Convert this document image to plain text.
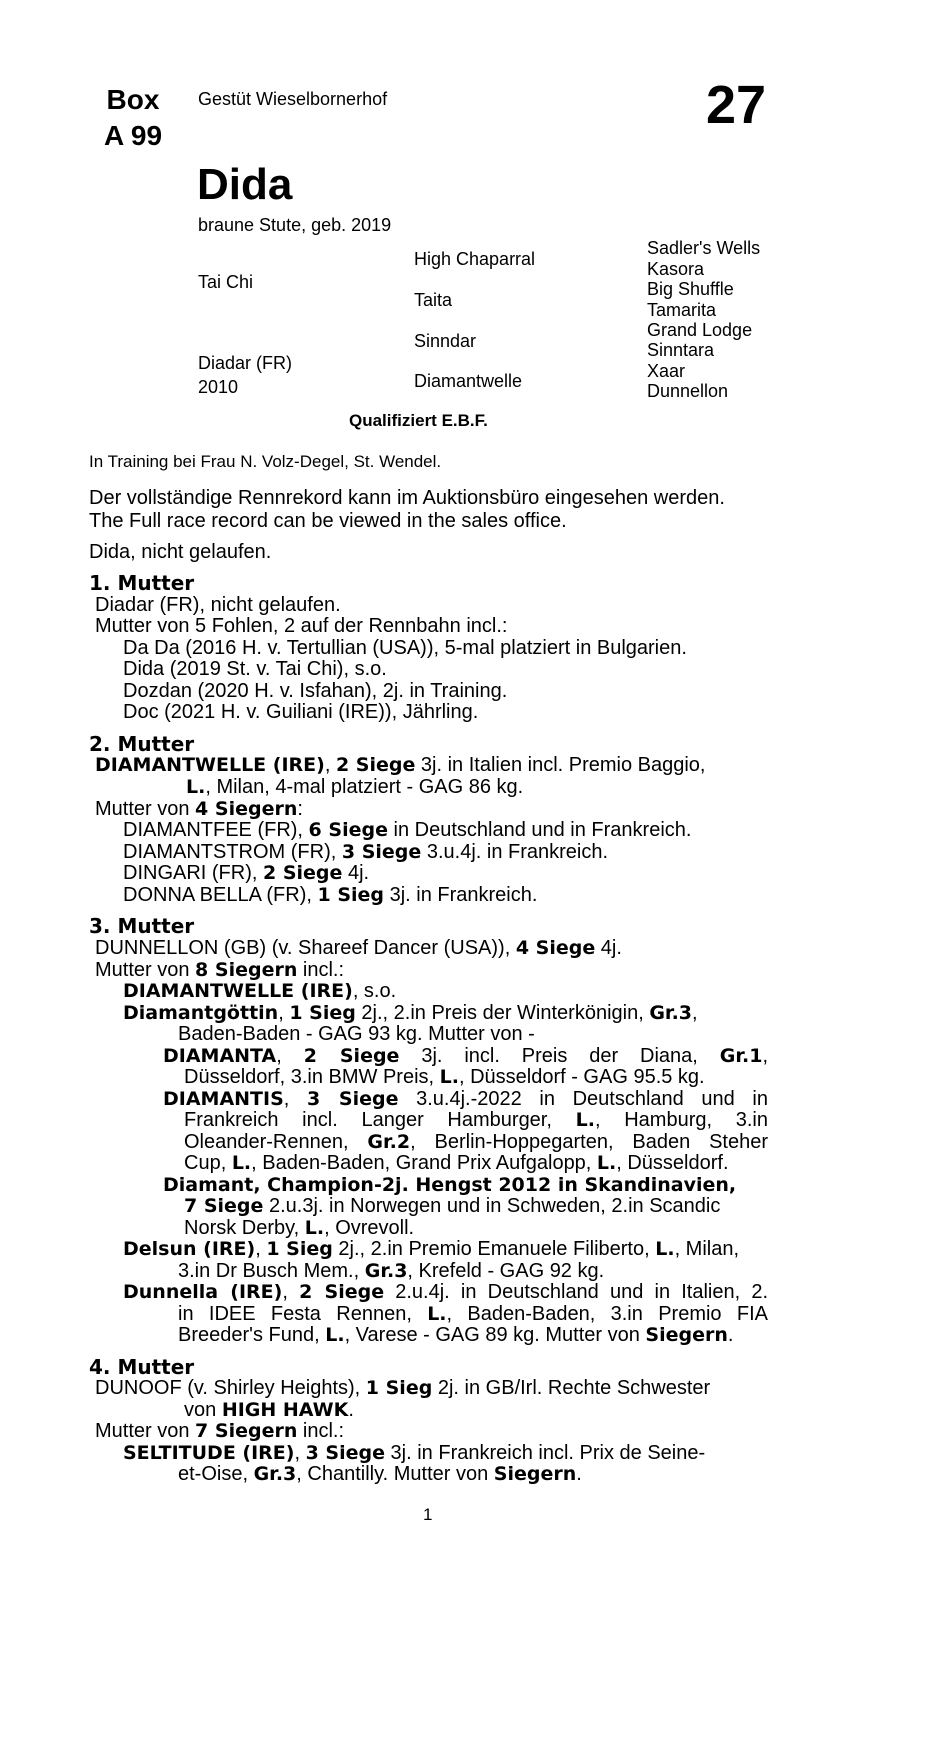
Box
A 99
Gestüt Wieselbornerhof	27
Dida
braune Stute, geb. 2019
Tai Chi
Diadar (FR)
2010
High Chaparral
Taita
Sinndar
Diamantwelle
Sadler's Wells
Kasora
Big Shuffle
Tamarita
Grand Lodge
Sinntara
Xaar
Dunnellon
Qualifiziert E.B.F.
In Training bei Frau N. Volz-Degel, St. Wendel.
Der vollständige Rennrekord kann im Auktionsbüro eingesehen werden.
The Full race record can be viewed in the sales office.
Dida, nicht gelaufen.
1. Mutter
Diadar (FR), nicht gelaufen.
Mutter von 5 Fohlen, 2 auf der Rennbahn incl.:
Da Da (2016 H. v. Tertullian (USA)), 5-mal platziert in Bulgarien.
Dida (2019 St. v. Tai Chi), s.o.
Dozdan (2020 H. v. Isfahan), 2j. in Training.
Doc (2021 H. v. Guiliani (IRE)), Jährling.
2. Mutter
DIAMANTWELLE (IRE), 2 Siege 3j. in Italien incl. Premio Baggio,
L., Milan, 4-mal platziert - GAG 86 kg.
Mutter von 4 Siegern:
DIAMANTFEE (FR), 6 Siege in Deutschland und in Frankreich.
DIAMANTSTROM (FR), 3 Siege 3.u.4j. in Frankreich.
DINGARI (FR), 2 Siege 4j.
DONNA BELLA (FR), 1 Sieg 3j. in Frankreich.
3. Mutter
DUNNELLON (GB) (v. Shareef Dancer (USA)), 4 Siege 4j.
Mutter von 8 Siegern incl.:
DIAMANTWELLE (IRE), s.o.
Diamantgöttin, 1 Sieg 2j., 2.in Preis der Winterkönigin, Gr.3,
Baden-Baden - GAG 93 kg. Mutter von -
DIAMANTA, 2 Siege 3j. incl. Preis der Diana, Gr.1,
Düsseldorf, 3.in BMW Preis, L., Düsseldorf - GAG 95.5 kg.
DIAMANTIS, 3 Siege 3.u.4j.-2022 in Deutschland und in
Frankreich incl. Langer Hamburger, L., Hamburg, 3.in
Oleander-Rennen, Gr.2, Berlin-Hoppegarten, Baden Steher
Cup, L., Baden-Baden, Grand Prix Aufgalopp, L., Düsseldorf.
Diamant, Champion-2j. Hengst 2012 in Skandinavien,
7 Siege 2.u.3j. in Norwegen und in Schweden, 2.in Scandic
Norsk Derby, L., Ovrevoll.
Delsun (IRE), 1 Sieg 2j., 2.in Premio Emanuele Filiberto, L., Milan,
3.in Dr Busch Mem., Gr.3, Krefeld - GAG 92 kg.
Dunnella (IRE), 2 Siege 2.u.4j. in Deutschland und in Italien, 2.
in IDEE Festa Rennen, L., Baden-Baden, 3.in Premio FIA
Breeder's Fund, L., Varese - GAG 89 kg. Mutter von Siegern.
4. Mutter
DUNOOF (v. Shirley Heights), 1 Sieg 2j. in GB/Irl. Rechte Schwester
von HIGH HAWK.
Mutter von 7 Siegern incl.:
SELTITUDE (IRE), 3 Siege 3j. in Frankreich incl. Prix de Seine-
et-Oise, Gr.3, Chantilly. Mutter von Siegern.
1
